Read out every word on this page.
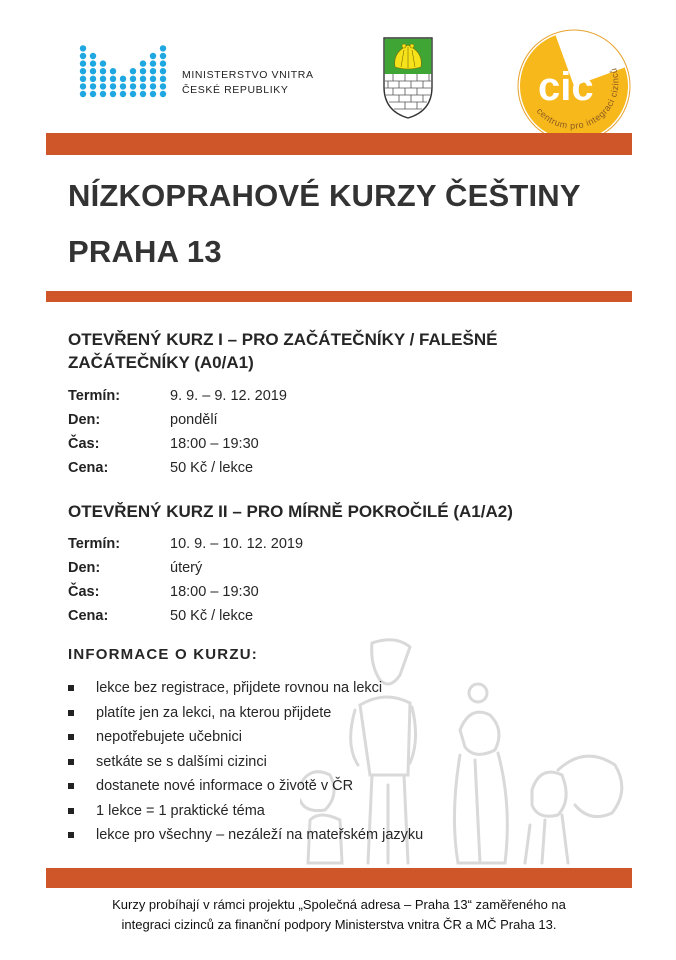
MINISTERSTVO VNITRA
ČESKÉ REPUBLIKY	cic
centrum pro integraci cizinců
NÍZKOPRAHOVÉ KURZY ČEŠTINY
PRAHA 13
OTEVŘENÝ KURZ I – PRO ZAČÁTEČNÍKY / FALEŠNÉ ZAČÁTEČNÍKY (A0/A1)
Termín:	9. 9. – 9. 12. 2019
Den:	pondělí
Čas:	18:00 – 19:30
Cena:	50 Kč / lekce
OTEVŘENÝ KURZ II – PRO MÍRNĚ POKROČILÉ (A1/A2)
Termín:	10. 9. – 10. 12. 2019
Den:	úterý
Čas:	18:00 – 19:30
Cena:	50 Kč / lekce
INFORMACE O KURZU:
lekce bez registrace, přijdete rovnou na lekci
platíte jen za lekci, na kterou přijdete
nepotřebujete učebnici
setkáte se s dalšími cizinci
dostanete nové informace o životě v ČR
1 lekce = 1 praktické téma
lekce pro všechny – nezáleží na mateřském jazyku
Kurzy probíhají v rámci projektu „Společná adresa – Praha 13“ zaměřeného na
integraci cizinců za finanční podpory Ministerstva vnitra ČR a MČ Praha 13.
